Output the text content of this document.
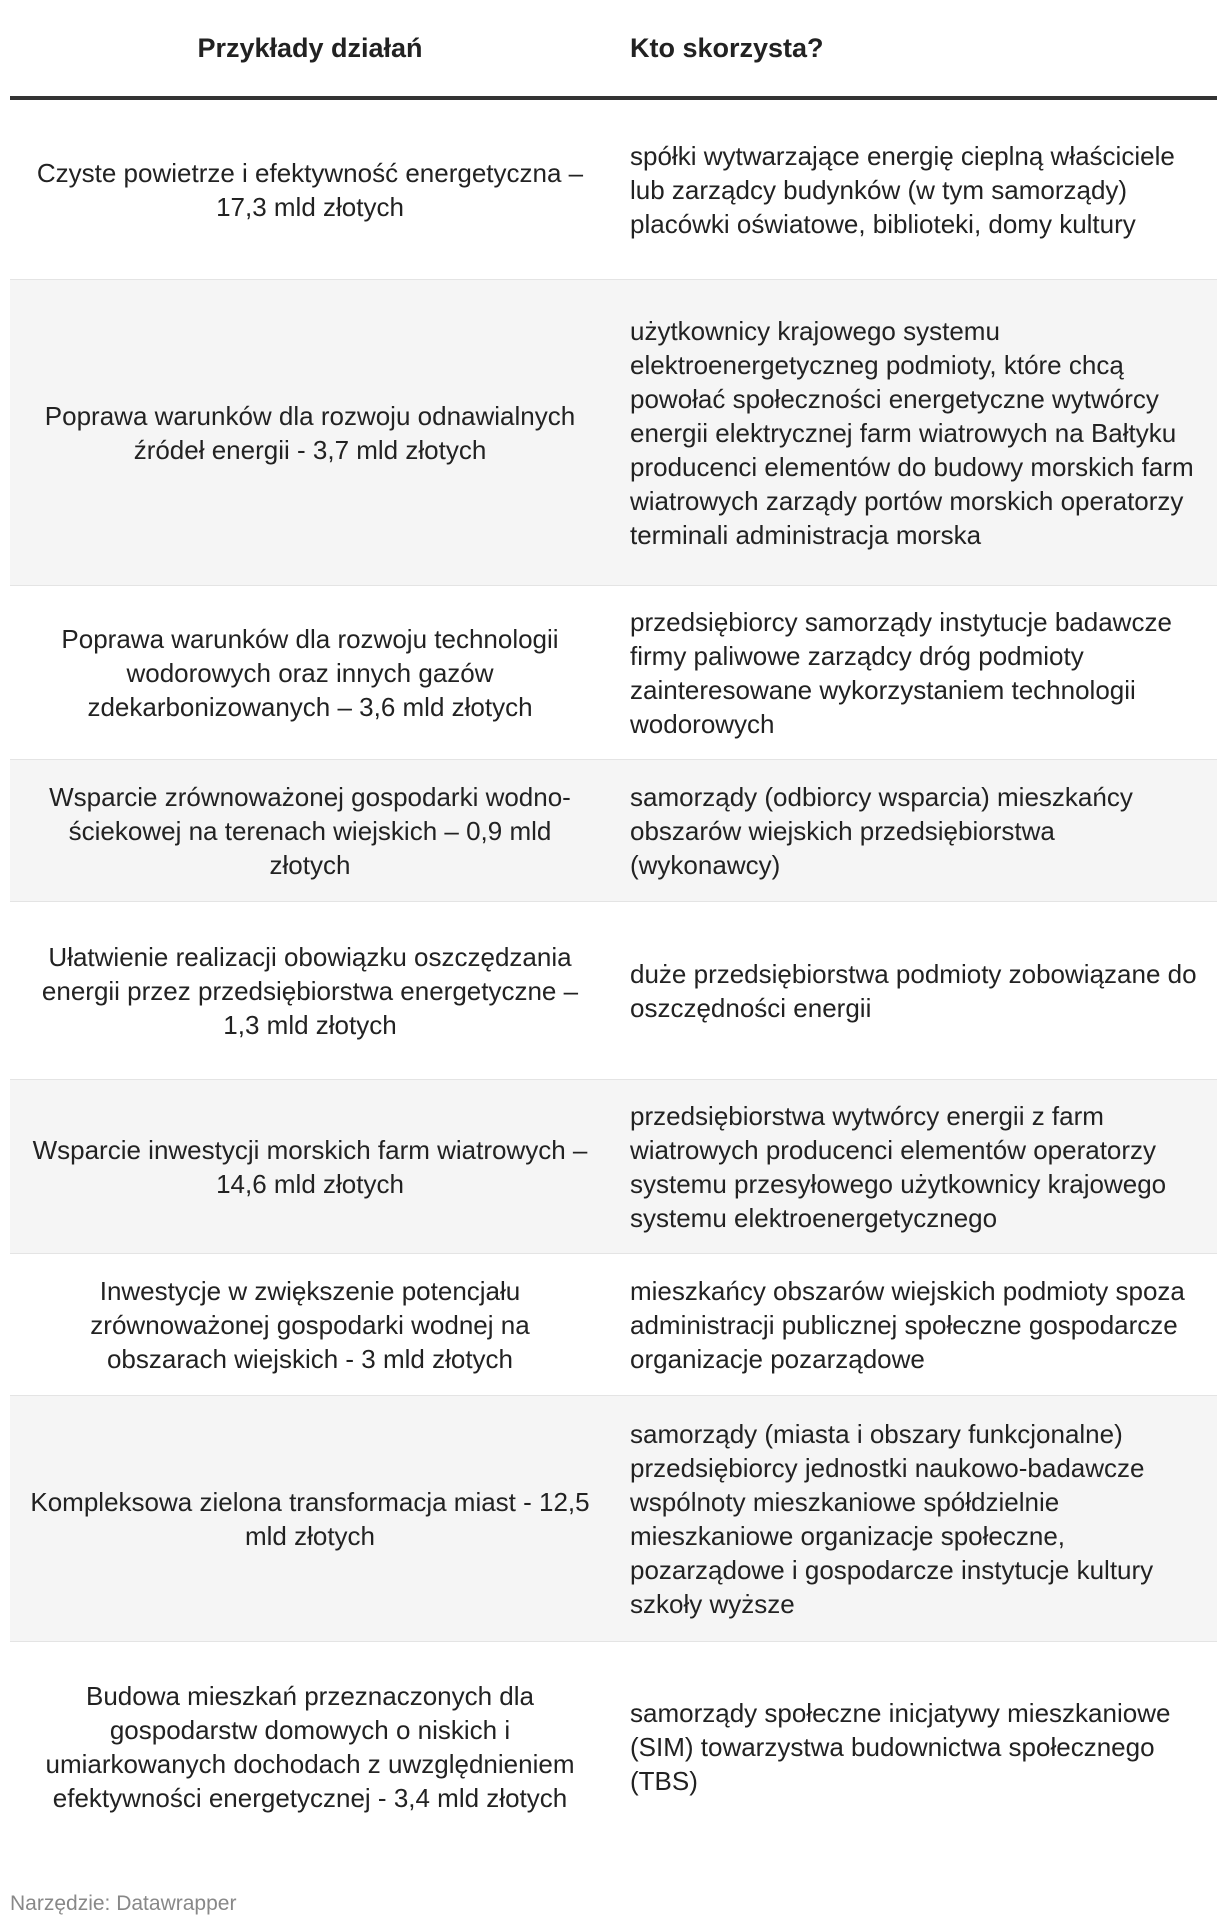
Przykłady działań	Kto skorzysta?
Czyste powietrze i efektywność energetyczna – 17,3 mld złotych
spółki wytwarzające energię cieplną właściciele lub zarządcy budynków (w tym samorządy) placówki oświatowe, biblioteki, domy kultury
Poprawa warunków dla rozwoju odnawialnych źródeł energii - 3,7 mld złotych
użytkownicy krajowego systemu elektroenergetyczneg podmioty, które chcą powołać społeczności energetyczne wytwórcy energii elektrycznej farm wiatrowych na Bałtyku producenci elementów do budowy morskich farm wiatrowych zarządy portów morskich operatorzy terminali administracja morska
Poprawa warunków dla rozwoju technologii wodorowych oraz innych gazów zdekarbonizowanych – 3,6 mld złotych
przedsiębiorcy samorządy instytucje badawcze firmy paliwowe zarządcy dróg podmioty zainteresowane wykorzystaniem technologii wodorowych
Wsparcie zrównoważonej gospodarki wodno-ściekowej na terenach wiejskich – 0,9 mld złotych
samorządy (odbiorcy wsparcia) mieszkańcy obszarów wiejskich przedsiębiorstwa (wykonawcy)
Ułatwienie realizacji obowiązku oszczędzania energii przez przedsiębiorstwa energetyczne – 1,3 mld złotych
duże przedsiębiorstwa podmioty zobowiązane do oszczędności energii
Wsparcie inwestycji morskich farm wiatrowych – 14,6 mld złotych
przedsiębiorstwa wytwórcy energii z farm wiatrowych producenci elementów operatorzy systemu przesyłowego użytkownicy krajowego systemu elektroenergetycznego
Inwestycje w zwiększenie potencjału zrównoważonej gospodarki wodnej na obszarach wiejskich - 3 mld złotych
mieszkańcy obszarów wiejskich podmioty spoza administracji publicznej społeczne gospodarcze organizacje pozarządowe
Kompleksowa zielona transformacja miast - 12,5 mld złotych
samorządy (miasta i obszary funkcjonalne) przedsiębiorcy jednostki naukowo-badawcze wspólnoty mieszkaniowe spółdzielnie mieszkaniowe organizacje społeczne, pozarządowe i gospodarcze instytucje kultury szkoły wyższe
Budowa mieszkań przeznaczonych dla gospodarstw domowych o niskich i umiarkowanych dochodach z uwzględnieniem efektywności energetycznej - 3,4 mld złotych
samorządy społeczne inicjatywy mieszkaniowe (SIM) towarzystwa budownictwa społecznego (TBS)
Narzędzie: Datawrapper
